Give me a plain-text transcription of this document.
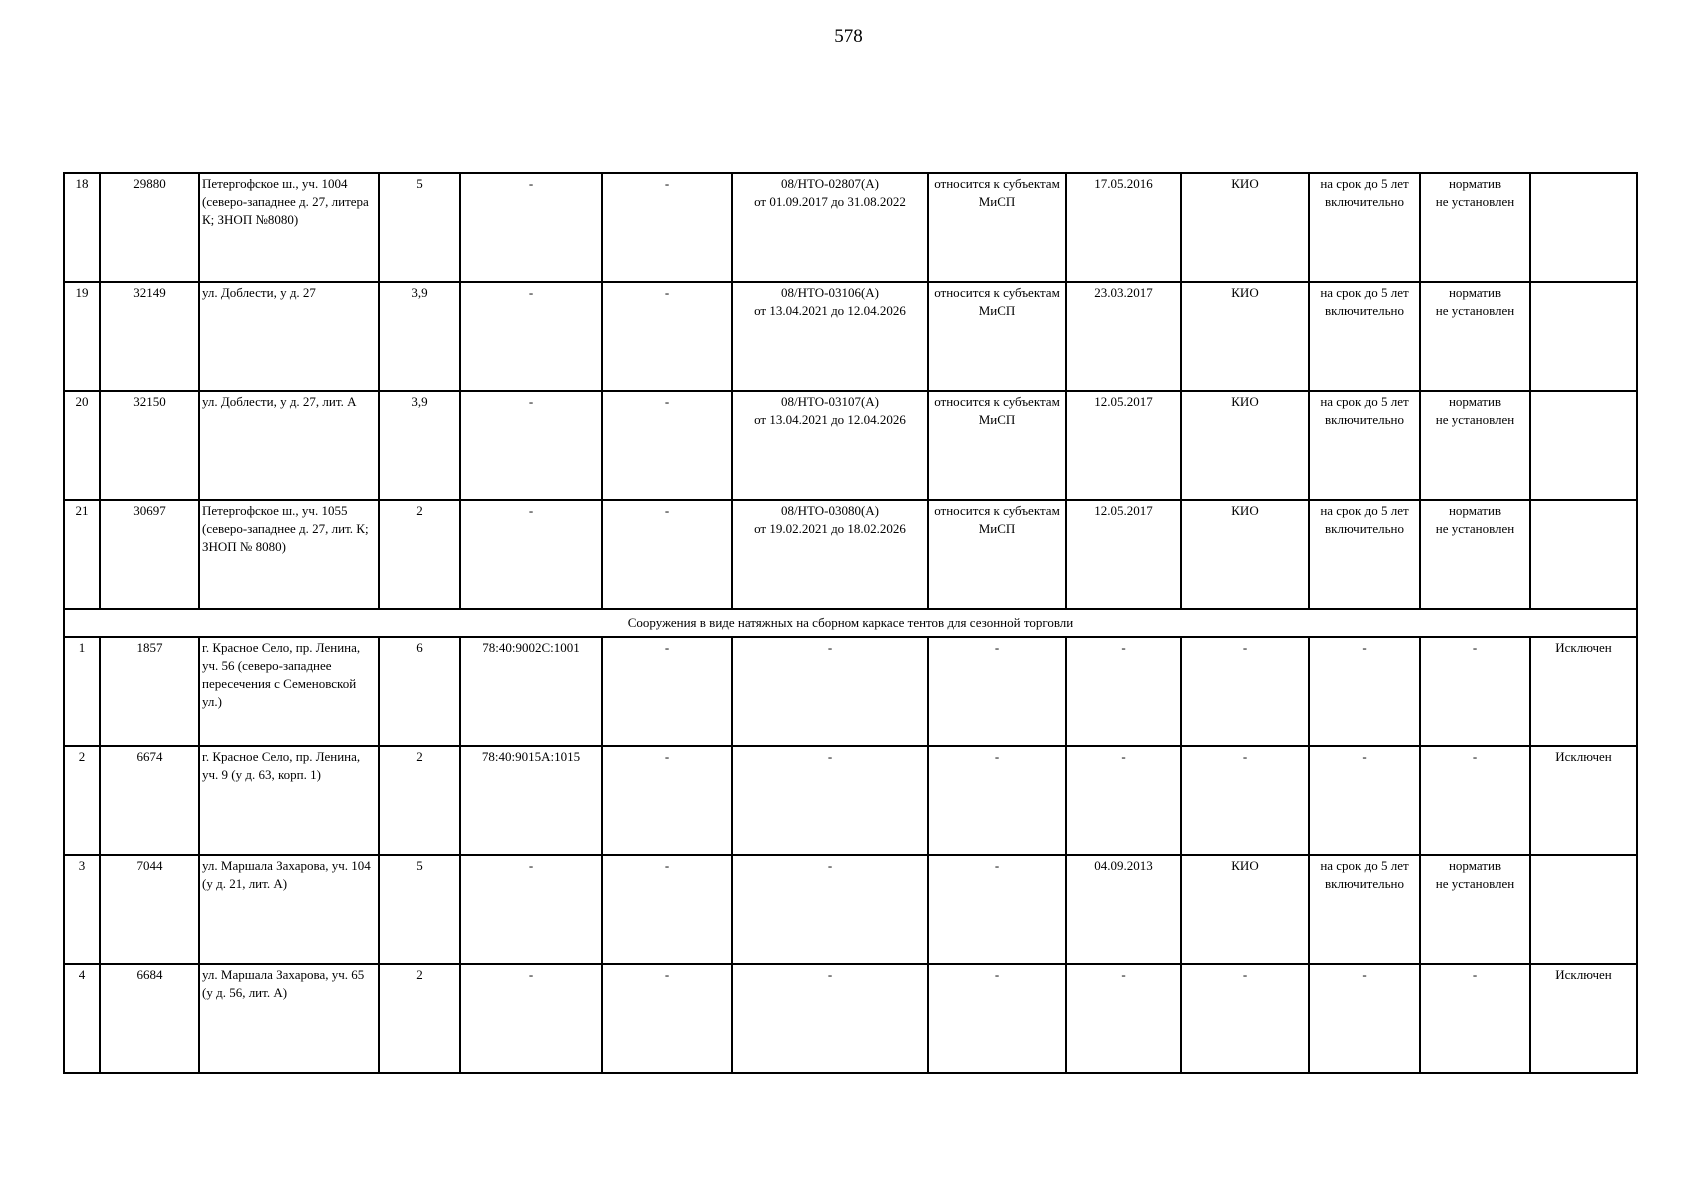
578
18	29880	Петергофское ш., уч. 1004 (северо-западнее д. 27, литера К; ЗНОП №8080)	5	-	-	08/НТО-02807(А)
от 01.09.2017 до 31.08.2022	относится к субъектам
МиСП	17.05.2016	КИО	на срок до 5 лет
включительно	норматив
не установлен	

19	32149	ул. Доблести, у д. 27	3,9	-	-	08/НТО-03106(А)
от 13.04.2021 до 12.04.2026	относится к субъектам
МиСП	23.03.2017	КИО	на срок до 5 лет
включительно	норматив
не установлен	

20	32150	ул. Доблести, у д. 27, лит. А	3,9	-	-	08/НТО-03107(А)
от 13.04.2021 до 12.04.2026	относится к субъектам
МиСП	12.05.2017	КИО	на срок до 5 лет
включительно	норматив
не установлен	

21	30697	Петергофское ш., уч. 1055 (северо-западнее д. 27, лит. К; ЗНОП № 8080)	2	-	-	08/НТО-03080(А)
от 19.02.2021 до 18.02.2026	относится к субъектам
МиСП	12.05.2017	КИО	на срок до 5 лет
включительно	норматив
не установлен	

Сооружения в виде натяжных на сборном каркасе тентов для сезонной торговли												
1	1857	г. Красное Село, пр. Ленина, уч. 56 (северо-западнее пересечения с Семеновской ул.)	6	78:40:9002С:1001	-	-	-	-	-	-	-	Исключен
2	6674	г. Красное Село, пр. Ленина, уч. 9 (у д. 63, корп. 1)	2	78:40:9015А:1015	-	-	-	-	-	-	-	Исключен
3	7044	ул. Маршала Захарова, уч. 104 (у д. 21, лит. А)	5	-	-	-	-	04.09.2013	КИО	на срок до 5 лет
включительно	норматив
не установлен	

4	6684	ул. Маршала Захарова, уч. 65 (у д. 56, лит. А)	2	-	-	-	-	-	-	-	-	Исключен
